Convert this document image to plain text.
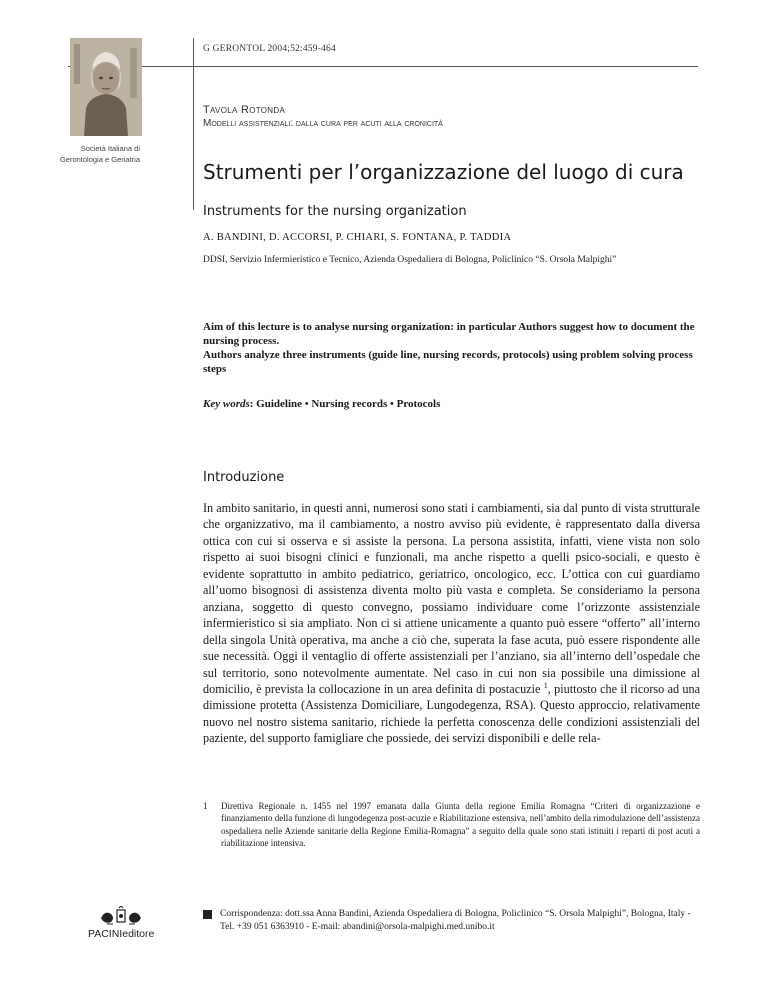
G GERONTOL 2004;52:459-464
Società Italiana di Gerontologia e Geriatria
Tavola Rotonda
Modelli assistenziali: dalla cura per acuti alla cronicità
Strumenti per l’organizzazione del luogo di cura
Instruments for the nursing organization
A. BANDINI, D. ACCORSI, P. CHIARI, S. FONTANA, P. TADDIA
DDSI, Servizio Infermieristico e Tecnico, Azienda Ospedaliera di Bologna, Policlinico “S. Orsola Malpighi”

Aim of this lecture is to analyse nursing organization: in particular Authors suggest how to document the nursing process.

Authors analyze three instruments (guide line, nursing records, protocols) using problem solving process steps

Key words: Guideline • Nursing records • Protocols
Introduzione
In ambito sanitario, in questi anni, numerosi sono stati i cambiamenti, sia dal punto di vista strutturale che organizzativo, ma il cambiamento, a nostro avviso più evidente, è rappresentato dalla diversa ottica con cui si osserva e si assiste la persona. La persona assistita, infatti, viene vista non solo rispetto ai suoi bisogni clinici e funzionali, ma anche rispetto a quelli psico-sociali, e questo è evidente soprattutto in ambito pediatrico, geriatrico, oncologico, ecc. L’ottica con cui guardiamo all’uomo bisognosi di assistenza diventa molto più vasta e completa. Se consideriamo la persona anziana, soggetto di questo convegno, possiamo individuare come l’orizzonte assistenziale infermieristico si sia ampliato. Non ci si attiene unicamente a quanto può essere “offerto” all’interno della singola Unità operativa, ma anche a ciò che, superata la fase acuta, può essere rispondente alle sue necessità. Oggi il ventaglio di offerte assistenziali per l’anziano, sia all’interno dell’ospedale che sul territorio, sono notevolmente aumentate. Nel caso in cui non sia possibile una dimissione al domicilio, è prevista la collocazione in un area definita di postacuzie $^1$, piuttosto che il ricorso ad una dimissione protetta (Assistenza Domiciliare, Lungodegenza, RSA). Questo approccio, relativamente nuovo nel nostro sistema sanitario, richiede la perfetta conoscenza delle condizioni assistenziali del paziente, del supporto famigliare che possiede, dei servizi disponibili e delle rela-
1	Direttiva Regionale n. 1455 nel 1997 emanata dalla Giunta della regione Emilia Romagna “Criteri di organizzazione e finanziamento della funzione di lungodegenza post-acuzie e Riabilitazione estensiva, nell’ambito della rimodulazione dell’assistenza ospedaliera nelle Aziende sanitarie della Regione Emilia-Romagna” a seguito della quale sono stati istituiti i reparti di post acuti a riabilitazione intensiva.
PACINIeditore
Corrispondenza: dott.ssa Anna Bandini, Azienda Ospedaliera di Bologna, Policlinico “S. Orsola Malpighi”, Bologna, Italy - Tel. +39 051 6363910 - E-mail: abandini@orsola-malpighi.med.unibo.it
